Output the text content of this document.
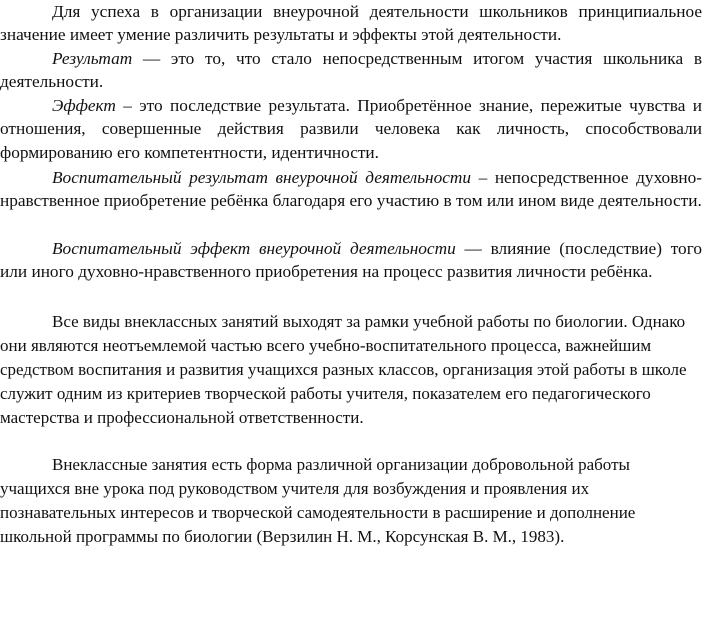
Для успеха в организации внеурочной деятельности школьников принципиальное значение имеет умение различить результаты и эффекты этой деятельности.

Результат — это то, что стало непосредственным итогом участия школьника в деятельности.

Эффект – это последствие результата. Приобретённое знание, пережитые чувства и отношения, совершенные действия развили человека как личность, способствовали формированию его компетентности, идентичности.

Воспитательный результат внеурочной деятельности – непосредственное духовно-нравственное приобретение ребёнка благодаря его участию в том или ином виде деятельности.

Воспитательный эффект внеурочной деятельности — влияние (последствие) того или иного духовно-нравственного приобретения на процесс развития личности ребёнка.

Все виды внеклассных занятий выходят за рамки учебной работы по биологии. Однако они являются неотъемлемой частью всего учебно-воспитательного процесса, важнейшим средством воспитания и развития учащихся разных классов, организация этой работы в школе служит одним из критериев творческой работы учителя, показателем его педагогического мастерства и профессиональной ответственности.

Внеклассные занятия есть форма различной организации добровольной работы учащихся вне урока под руководством учителя для возбуждения и проявления их познавательных интересов и творческой самодеятельности в расширение и дополнение школьной программы по биологии (Верзилин Н. М., Корсунская В. М., 1983).
